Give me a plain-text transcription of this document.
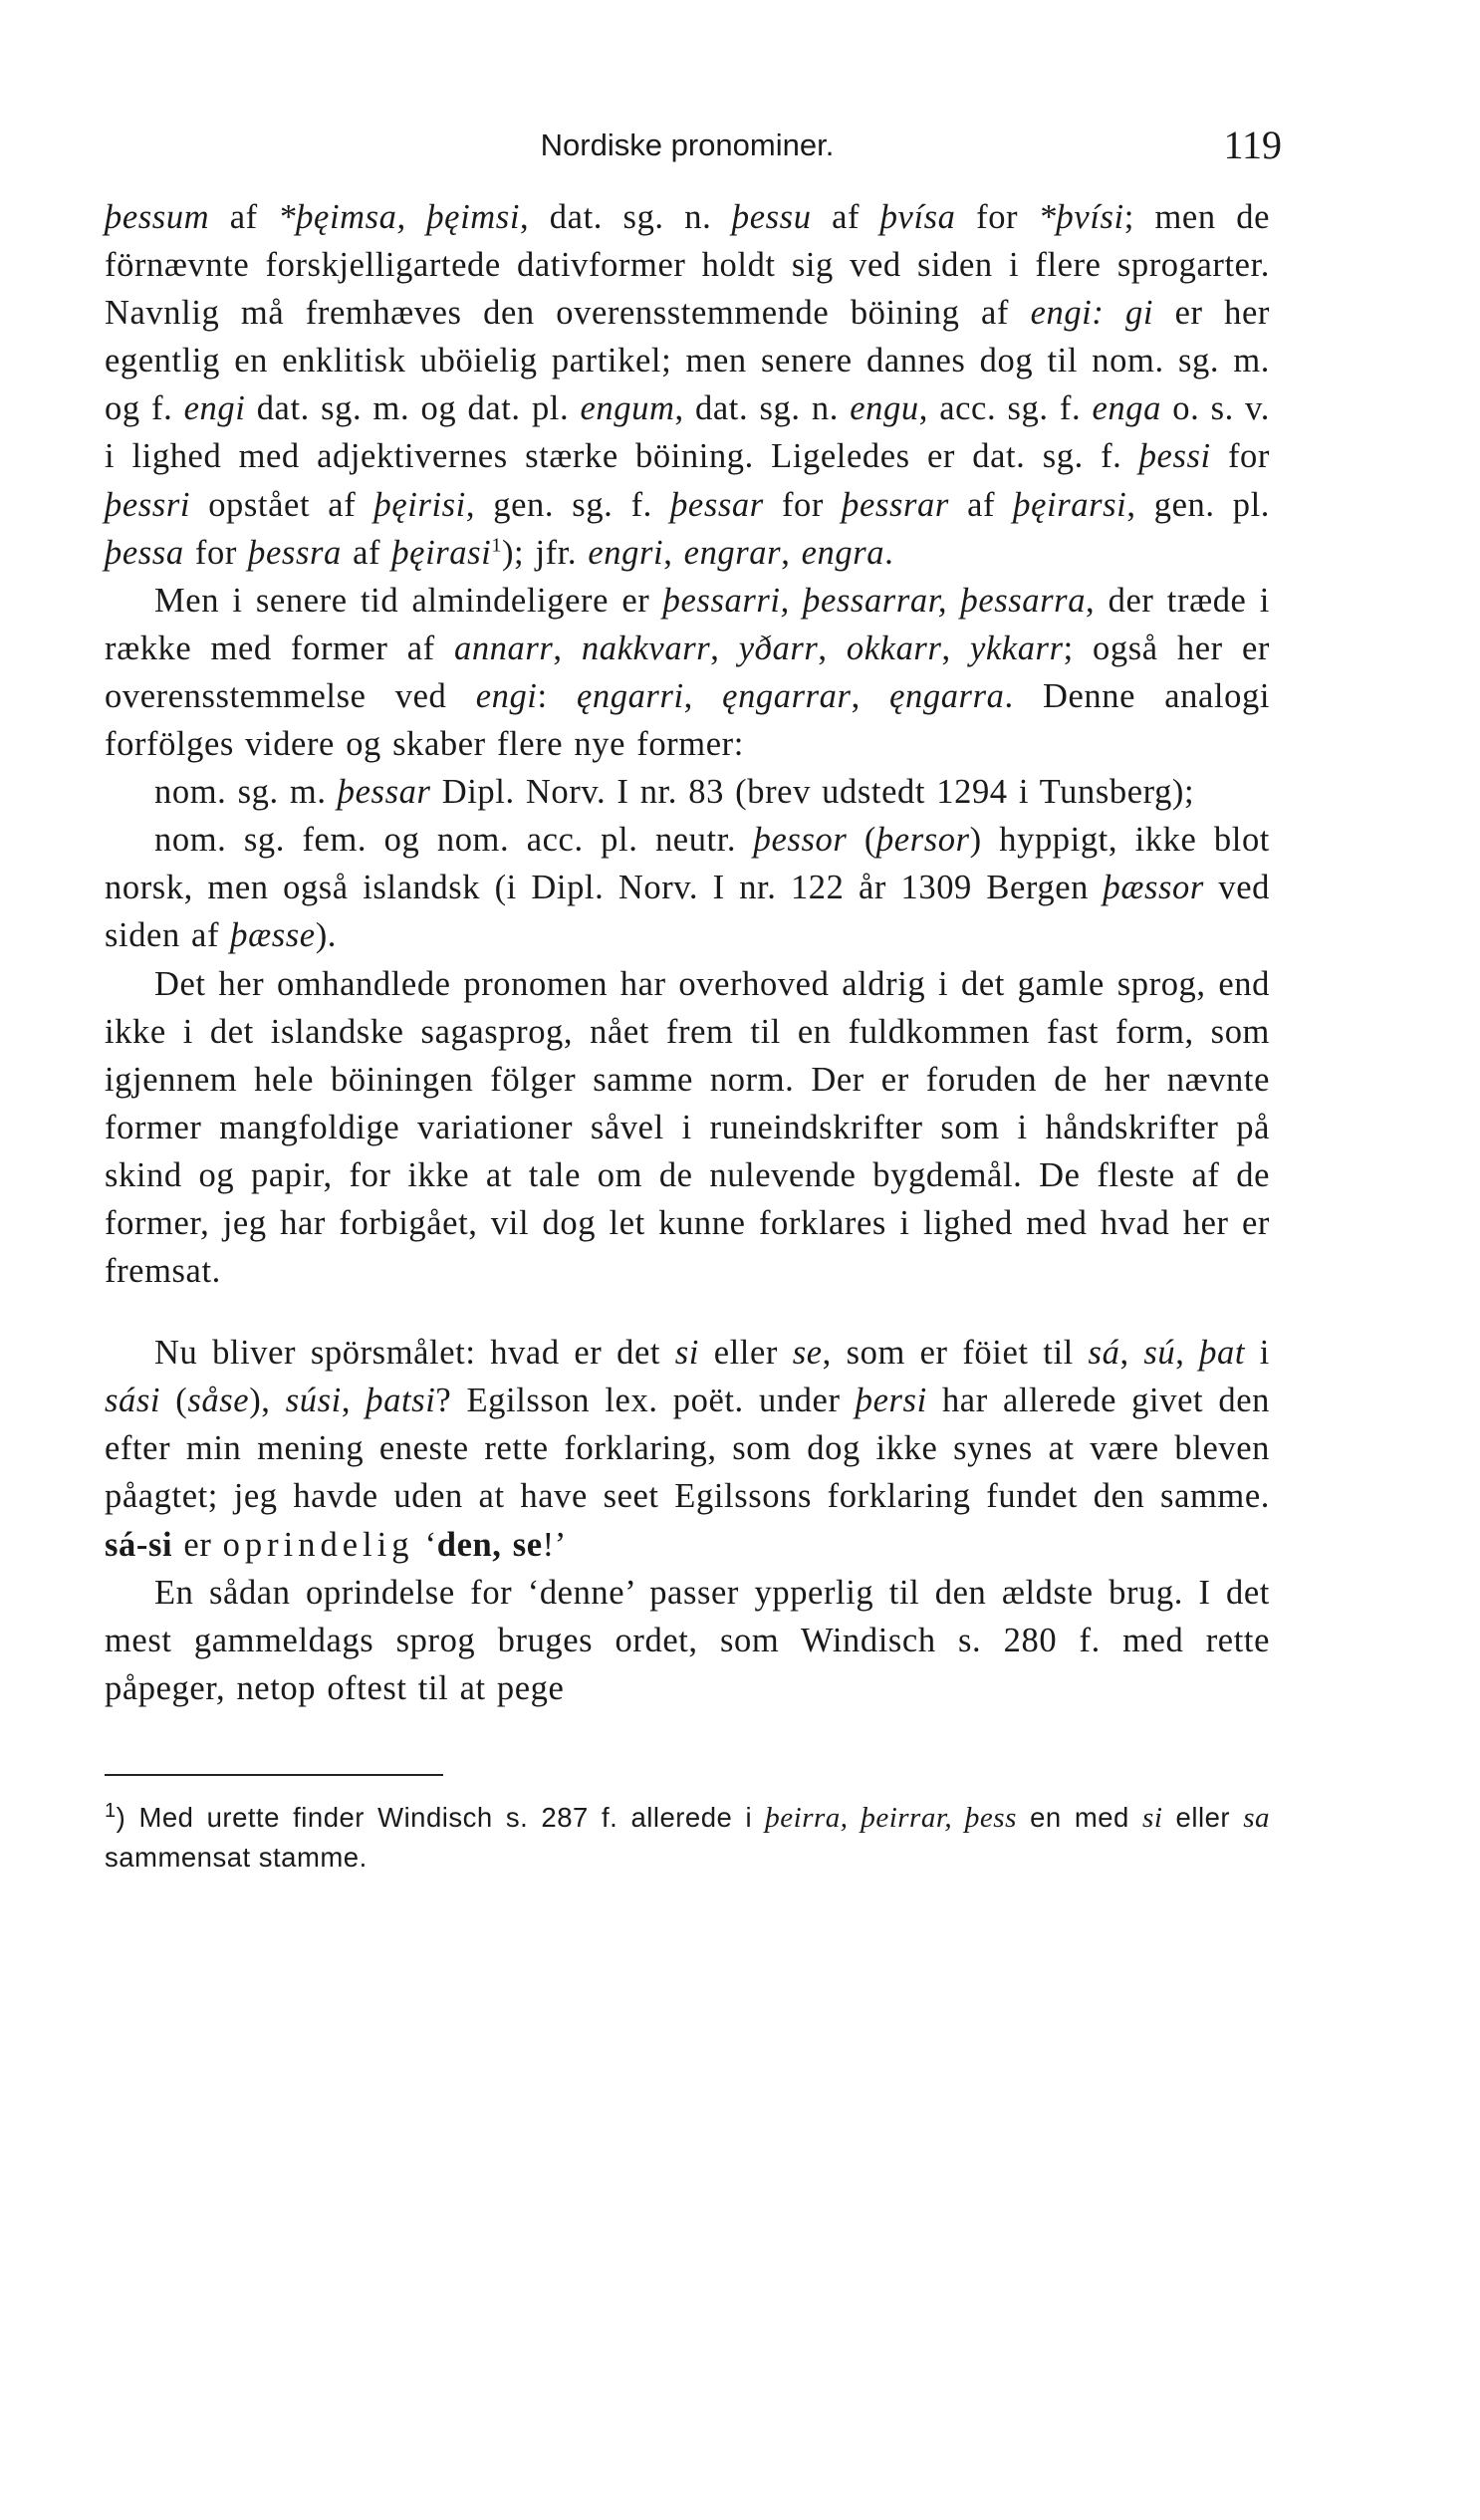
Nordiske pronominer.	119

þessum af *þęimsa, þęimsi, dat. sg. n. þessu af þvísa for *þvísi; men de förnævnte forskjelligartede dativformer holdt sig ved siden i flere sprogarter. Navnlig må fremhæves den overensstemmende böining af engi: gi er her egentlig en enklitisk uböielig partikel; men senere dannes dog til nom. sg. m. og f. engi dat. sg. m. og dat. pl. engum, dat. sg. n. engu, acc. sg. f. enga o. s. v. i lighed med adjektivernes stærke böining. Ligeledes er dat. sg. f. þessi for þessri opstået af þęirisi, gen. sg. f. þessar for þessrar af þęirarsi, gen. pl. þessa for þessra af þęirasi$^1$); jfr. engri, engrar, engra.

Men i senere tid almindeligere er þessarri, þessarrar, þessarra, der træde i række med former af annarr, nakkvarr, yðarr, okkarr, ykkarr; også her er overensstemmelse ved engi: ęngarri, ęngarrar, ęngarra. Denne analogi forfölges videre og skaber flere nye former:

nom. sg. m. þessar Dipl. Norv. I nr. 83 (brev udstedt 1294 i Tunsberg);

nom. sg. fem. og nom. acc. pl. neutr. þessor (þersor) hyppigt, ikke blot norsk, men også islandsk (i Dipl. Norv. I nr. 122 år 1309 Bergen þæssor ved siden af þæsse).

Det her omhandlede pronomen har overhoved aldrig i det gamle sprog, end ikke i det islandske sagasprog, nået frem til en fuldkommen fast form, som igjennem hele böiningen fölger samme norm. Der er foruden de her nævnte former mangfoldige variationer såvel i runeindskrifter som i håndskrifter på skind og papir, for ikke at tale om de nulevende bygdemål. De fleste af de former, jeg har forbigået, vil dog let kunne forklares i lighed med hvad her er fremsat.

Nu bliver spörsmålet: hvad er det si eller se, som er föiet til sá, sú, þat i sási (såse), súsi, þatsi? Egilsson lex. poët. under þersi har allerede givet den efter min mening eneste rette forklaring, som dog ikke synes at være bleven påagtet; jeg havde uden at have seet Egilssons forklaring fundet den samme. sá-si er oprindelig ‘den, se!’

En sådan oprindelse for ‘denne’ passer ypperlig til den ældste brug. I det mest gammeldags sprog bruges ordet, som Windisch s. 280 f. med rette påpeger, netop oftest til at pege

$^1$) Med urette finder Windisch s. 287 f. allerede i þeirra, þeirrar, þess en med si eller sa sammensat stamme.
